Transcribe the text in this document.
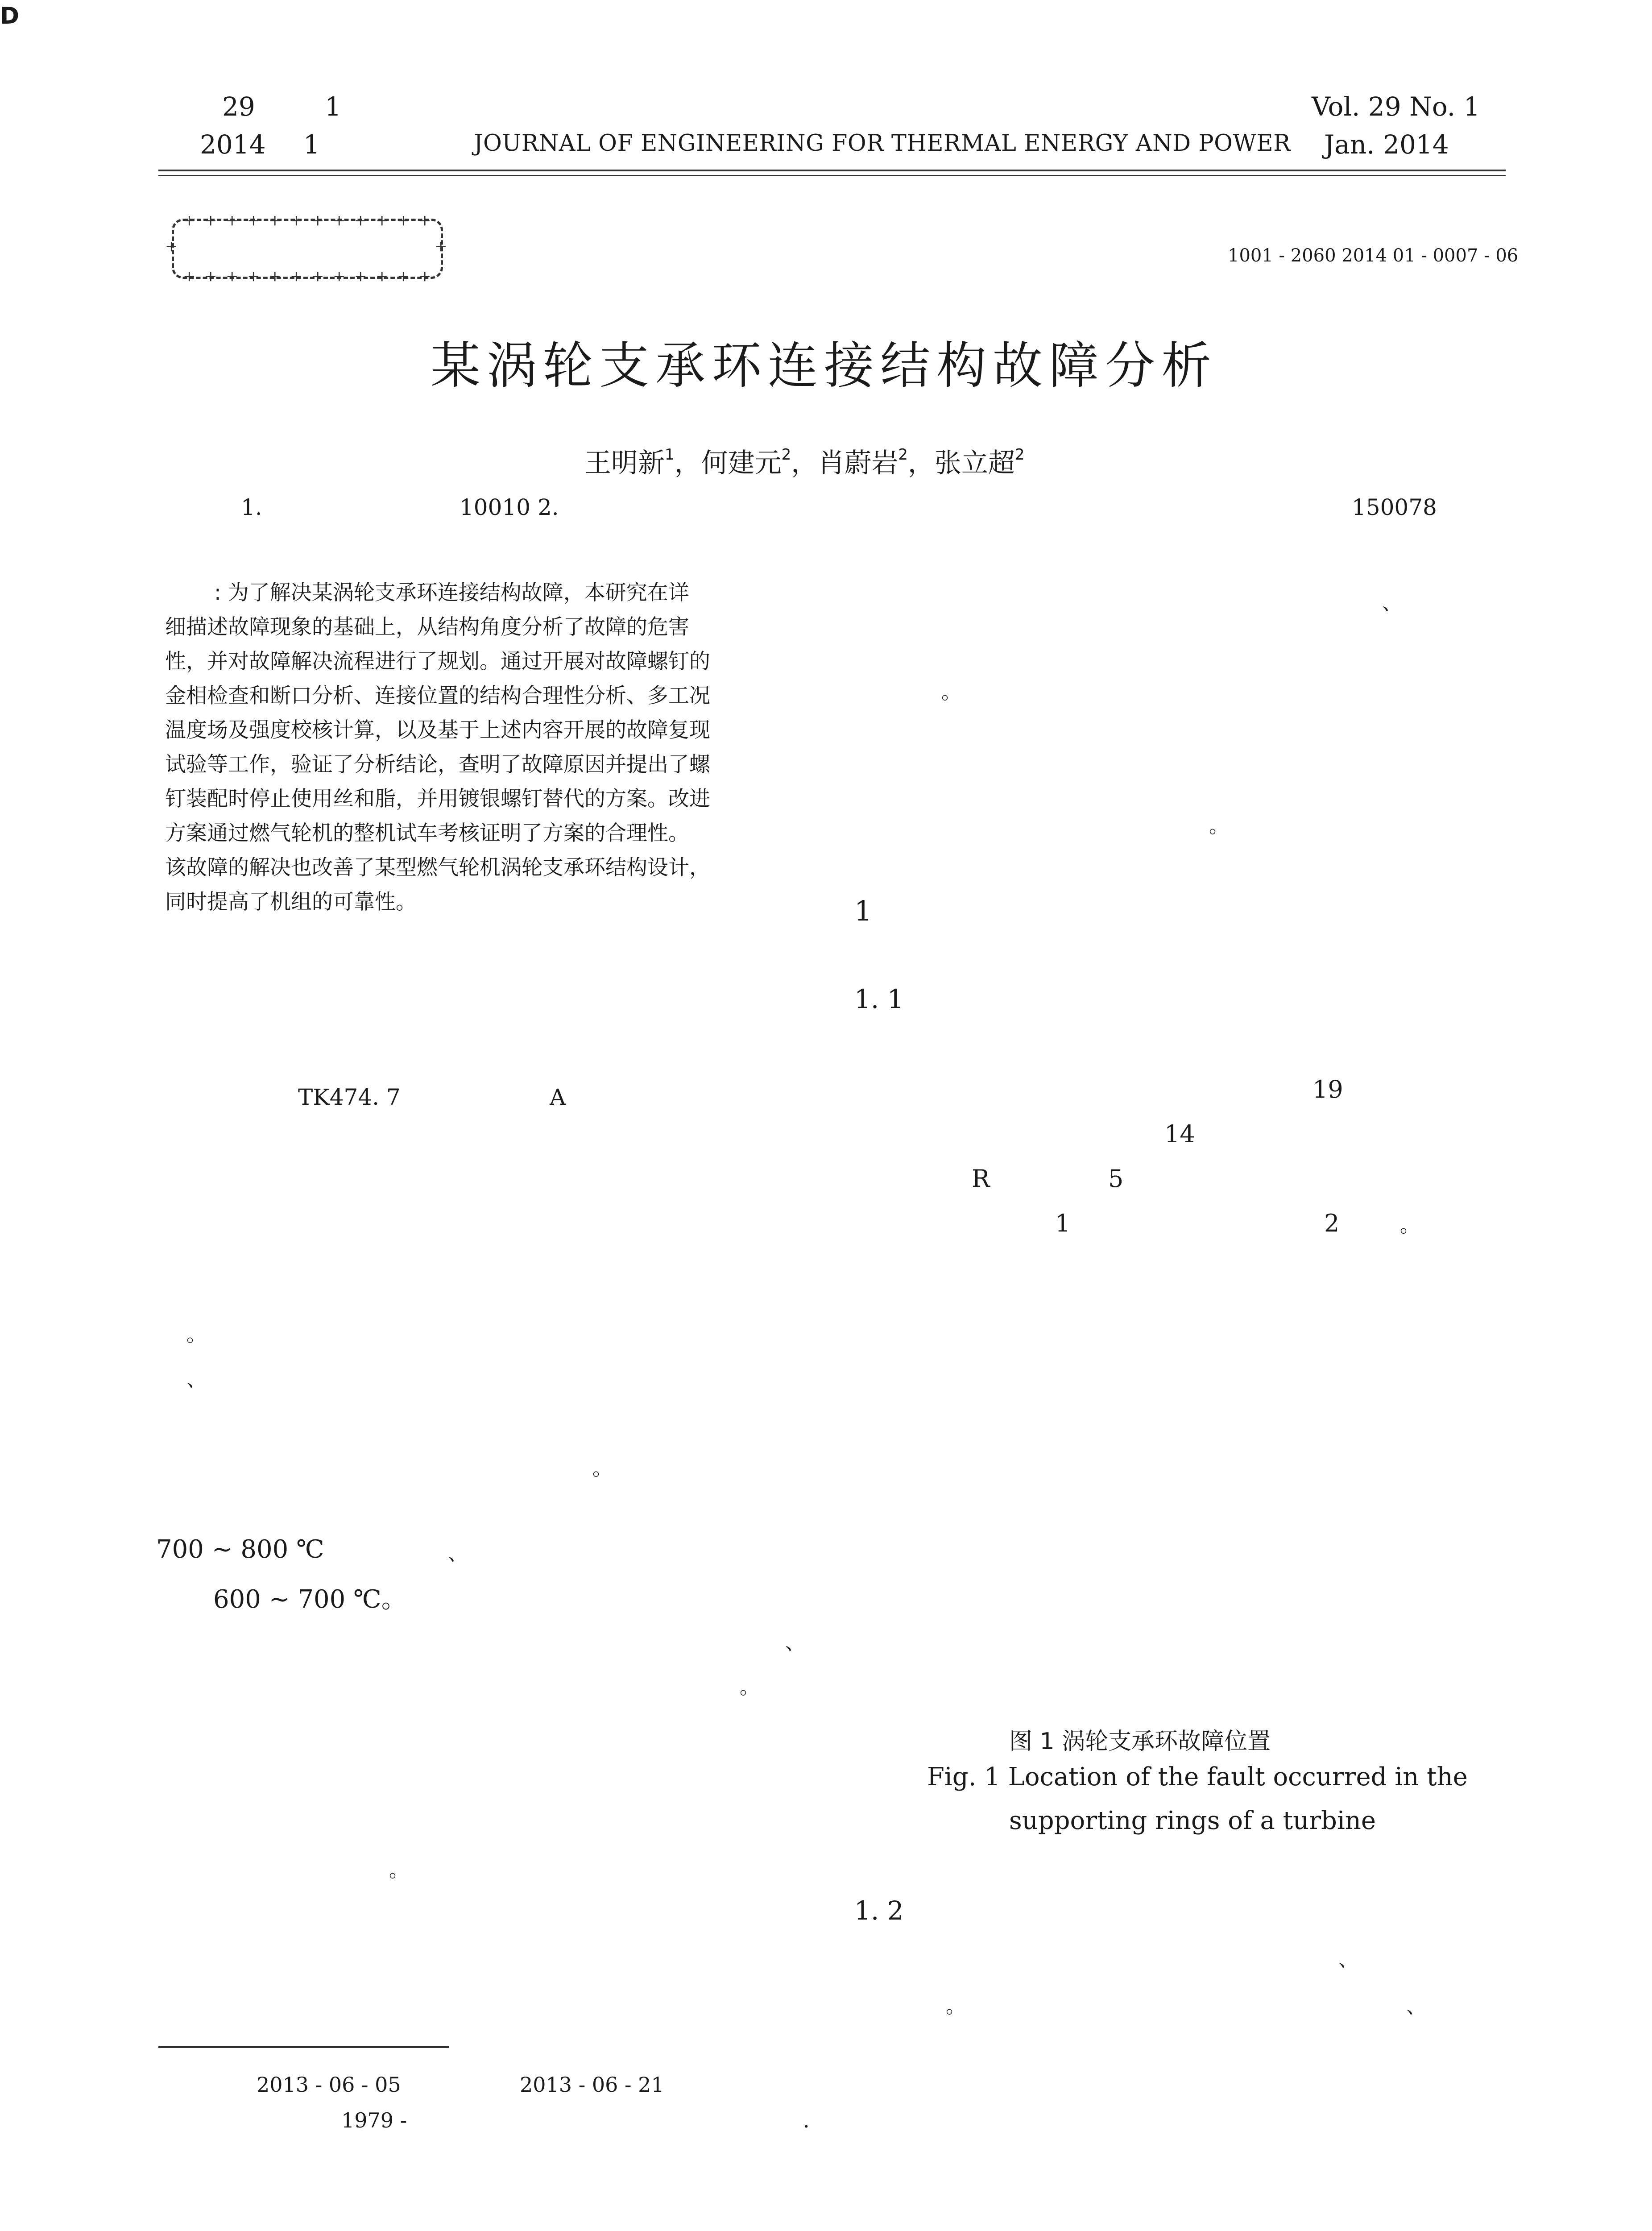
D
29	1
2014 1	JOURNAL OF ENGINEERING FOR THERMAL ENERGY AND POWER
Vol. 29 No. 1
Jan. 2014
+
+
+
+
+
+
+
+
+
+
+
+
+
+
+
+
+
+
+
+
+
+
+
+
+	+	1001 - 2060 2014 01 - 0007 - 06
某涡轮支承环连接结构故障分析
王明新$^1$，何建元$^2$，肖蔚岩$^2$，张立超$^2$
1.	10010 2.	150078
: 为了解决某涡轮支承环连接结构故障，本研究在详
细描述故障现象的基础上，从结构角度分析了故障的危害
性，并对故障解决流程进行了规划。通过开展对故障螺钉的
金相检查和断口分析、连接位置的结构合理性分析、多工况
温度场及强度校核计算，以及基于上述内容开展的故障复现
试验等工作，验证了分析结论，查明了故障原因并提出了螺
钉装配时停止使用丝和脂，并用镀银螺钉替代的方案。改进
方案通过燃气轮机的整机试车考核证明了方案的合理性。
该故障的解决也改善了某型燃气轮机涡轮支承环结构设计，
同时提高了机组的可靠性。
TK474. 7	A
。
、
。
700 ~ 800 ℃	、
600 ~ 700 ℃。
、
。
。
、
。
。
1
1. 1
19
14
R	5
1	2	。
图 1 涡轮支承环故障位置
Fig. 1 Location of the fault occurred in the
supporting rings of a turbine
1. 2
、
。	、
2013 - 06 - 05	2013 - 06 - 21
1979 -	.
